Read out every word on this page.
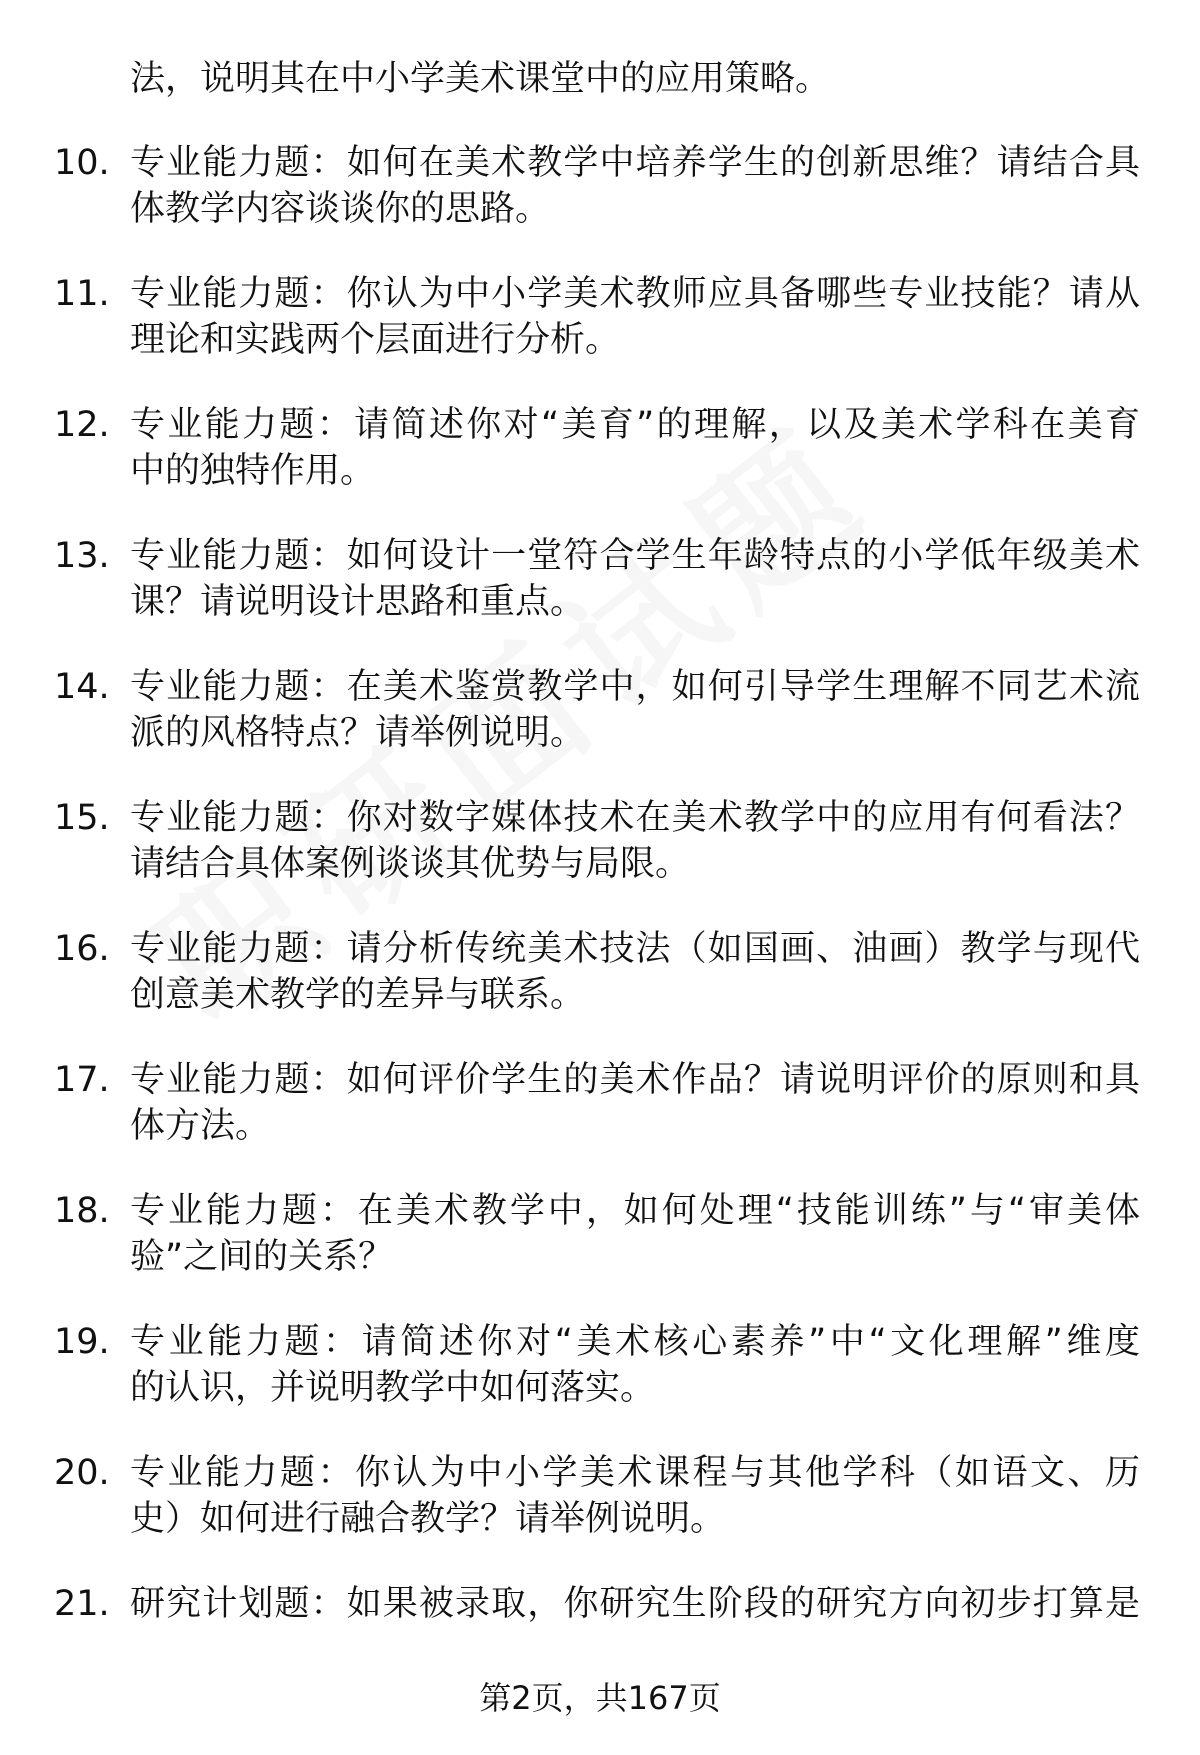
法，说明其在中小学美术课堂中的应用策略。

10. 专业能力题：如何在美术教学中培养学生的创新思维？请结合具
体教学内容谈谈你的思路。
11. 专业能力题：你认为中小学美术教师应具备哪些专业技能？请从
理论和实践两个层面进行分析。
12. 专业能力题：请简述你对“美育”的理解，以及美术学科在美育
中的独特作用。
13. 专业能力题：如何设计一堂符合学生年龄特点的小学低年级美术
课？请说明设计思路和重点。
14. 专业能力题：在美术鉴赏教学中，如何引导学生理解不同艺术流
派的风格特点？请举例说明。
15. 专业能力题：你对数字媒体技术在美术教学中的应用有何看法？
请结合具体案例谈谈其优势与局限。
16. 专业能力题：请分析传统美术技法（如国画、油画）教学与现代
创意美术教学的差异与联系。
17. 专业能力题：如何评价学生的美术作品？请说明评价的原则和具
体方法。
18. 专业能力题：在美术教学中，如何处理“技能训练”与“审美体
验”之间的关系？
19. 专业能力题：请简述你对“美术核心素养”中“文化理解”维度
的认识，并说明教学中如何落实。
20. 专业能力题：你认为中小学美术课程与其他学科（如语文、历
史）如何进行融合教学？请举例说明。
21. 研究计划题：如果被录取，你研究生阶段的研究方向初步打算是
第2页，共167页
